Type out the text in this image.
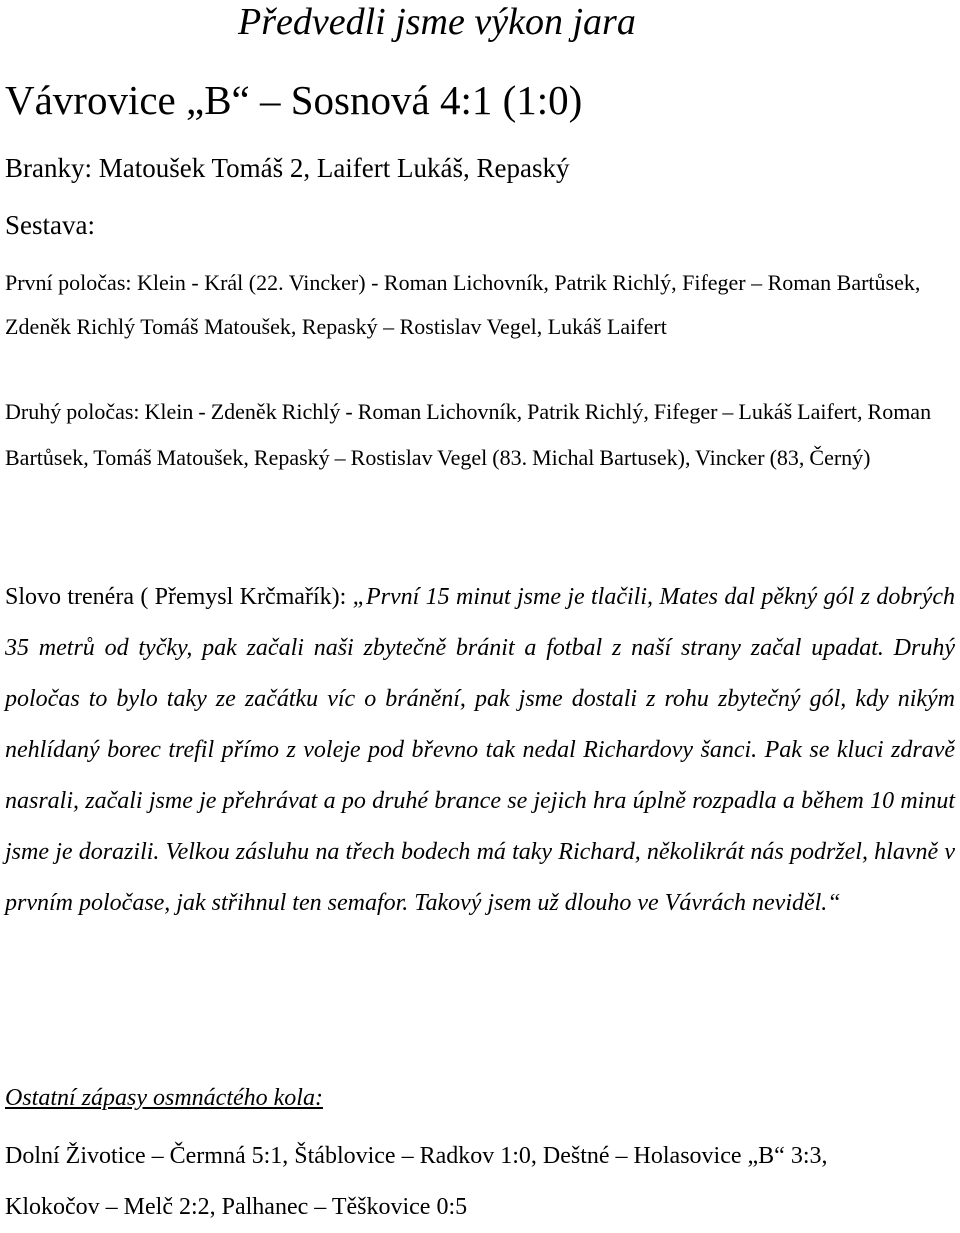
Předvedli jsme výkon jara
Vávrovice „B“ – Sosnová 4:1 (1:0)
Branky: Matoušek Tomáš 2, Laifert Lukáš, Repaský
Sestava:
První poločas: Klein - Král (22. Vincker) - Roman Lichovník, Patrik Richlý, Fifeger – Roman Bartůsek, Zdeněk Richlý Tomáš Matoušek, Repaský – Rostislav Vegel, Lukáš Laifert
Druhý poločas: Klein - Zdeněk Richlý - Roman Lichovník, Patrik Richlý, Fifeger – Lukáš Laifert, Roman Bartůsek, Tomáš Matoušek, Repaský – Rostislav Vegel (83. Michal Bartusek), Vincker (83, Černý)
Slovo trenéra ( Přemysl Krčmařík): „První 15 minut jsme je tlačili, Mates dal pěkný gól z dobrých 35 metrů od tyčky, pak začali naši zbytečně bránit a fotbal z naší strany začal upadat. Druhý poločas to bylo taky ze začátku víc o bránění, pak jsme dostali z rohu zbytečný gól, kdy nikým nehlídaný borec trefil přímo z voleje pod břevno tak nedal Richardovy šanci. Pak se kluci zdravě nasrali, začali jsme je přehrávat a po druhé brance se jejich hra úplně rozpadla a během 10 minut jsme je dorazili. Velkou zásluhu na třech bodech má taky Richard, několikrát nás podržel, hlavně v prvním poločase, jak střihnul ten semafor. Takový jsem už dlouho ve Vávrách neviděl.“
Ostatní zápasy osmnáctého kola:
Dolní Životice – Čermná 5:1, Štáblovice – Radkov 1:0, Deštné – Holasovice „B“ 3:3, Klokočov – Melč 2:2, Palhanec – Těškovice 0:5
